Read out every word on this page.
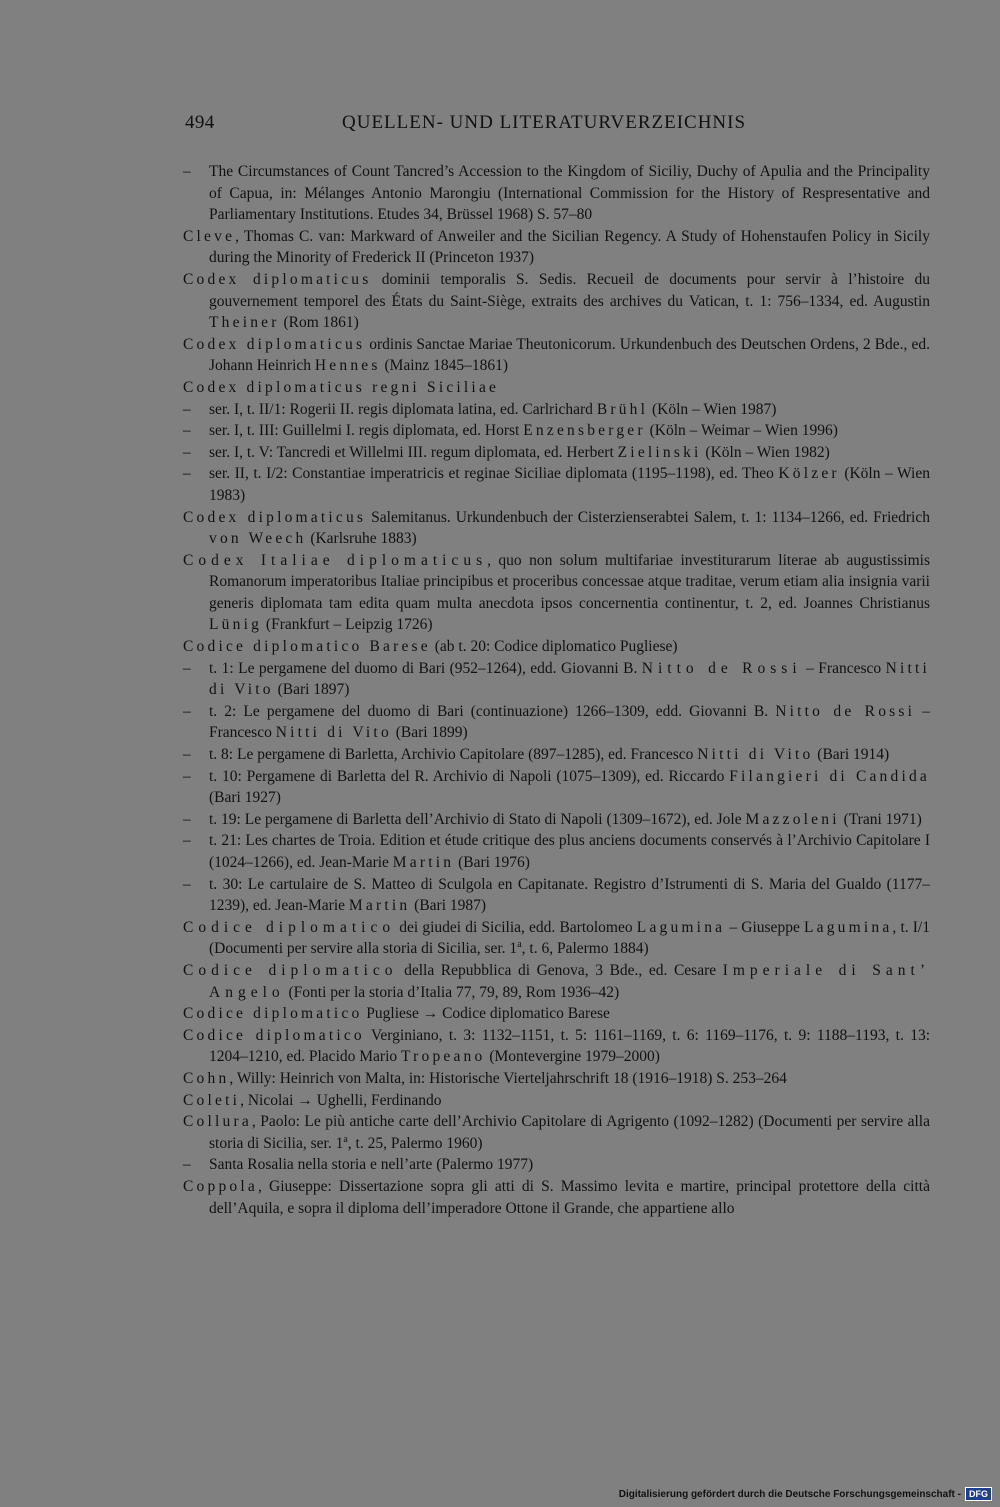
494	QUELLEN- UND LITERATURVERZEICHNIS
– The Circumstances of Count Tancred’s Accession to the Kingdom of Siciliy, Duchy of Apulia and the Principality of Capua, in: Mélanges Antonio Marongiu (International Commission for the History of Respresentative and Parliamentary Institutions. Etudes 34, Brüssel 1968) S. 57–80
Cleve, Thomas C. van: Markward of Anweiler and the Sicilian Regency. A Study of Hohenstaufen Policy in Sicily during the Minority of Frederick II (Princeton 1937)
Codex diplomaticus dominii temporalis S. Sedis. Recueil de documents pour servir à l’histoire du gouvernement temporel des États du Saint-Siège, extraits des archives du Vatican, t. 1: 756–1334, ed. Augustin Theiner (Rom 1861)
Codex diplomaticus ordinis Sanctae Mariae Theutonicorum. Urkundenbuch des Deutschen Ordens, 2 Bde., ed. Johann Heinrich Hennes (Mainz 1845–1861)
Codex diplomaticus regni Siciliae
– ser. I, t. II/1: Rogerii II. regis diplomata latina, ed. Carlrichard Brühl (Köln – Wien 1987)
– ser. I, t. III: Guillelmi I. regis diplomata, ed. Horst Enzensberger (Köln – Weimar – Wien 1996)
– ser. I, t. V: Tancredi et Willelmi III. regum diplomata, ed. Herbert Zielinski (Köln – Wien 1982)
– ser. II, t. I/2: Constantiae imperatricis et reginae Siciliae diplomata (1195–1198), ed. Theo Kölzer (Köln – Wien 1983)
Codex diplomaticus Salemitanus. Urkundenbuch der Cisterzienserabtei Salem, t. 1: 1134–1266, ed. Friedrich von Weech (Karlsruhe 1883)
Codex Italiae diplomaticus, quo non solum multifariae investiturarum literae ab augustissimis Romanorum imperatoribus Italiae principibus et proceribus concessae atque traditae, verum etiam alia insignia varii generis diplomata tam edita quam multa anecdota ipsos concernentia continentur, t. 2, ed. Joannes Christianus Lünig (Frankfurt – Leipzig 1726)
Codice diplomatico Barese (ab t. 20: Codice diplomatico Pugliese)
– t. 1: Le pergamene del duomo di Bari (952–1264), edd. Giovanni B. Nitto de Rossi – Francesco Nitti di Vito (Bari 1897)
– t. 2: Le pergamene del duomo di Bari (continuazione) 1266–1309, edd. Giovanni B. Nitto de Rossi – Francesco Nitti di Vito (Bari 1899)
– t. 8: Le pergamene di Barletta, Archivio Capitolare (897–1285), ed. Francesco Nitti di Vito (Bari 1914)
– t. 10: Pergamene di Barletta del R. Archivio di Napoli (1075–1309), ed. Riccardo Filangieri di Candida (Bari 1927)
– t. 19: Le pergamene di Barletta dell’Archivio di Stato di Napoli (1309–1672), ed. Jole Mazzoleni (Trani 1971)
– t. 21: Les chartes de Troia. Edition et étude critique des plus anciens documents conservés à l’Archivio Capitolare I (1024–1266), ed. Jean-Marie Martin (Bari 1976)
– t. 30: Le cartulaire de S. Matteo di Sculgola en Capitanate. Registro d’Istrumenti di S. Maria del Gualdo (1177–1239), ed. Jean-Marie Martin (Bari 1987)
Codice diplomatico dei giudei di Sicilia, edd. Bartolomeo Lagumina – Giuseppe Lagumina, t. I/1 (Documenti per servire alla storia di Sicilia, ser. 1$^a$, t. 6, Palermo 1884)
Codice diplomatico della Repubblica di Genova, 3 Bde., ed. Cesare Imperiale di Sant’ Angelo (Fonti per la storia d’Italia 77, 79, 89, Rom 1936–42)
Codice diplomatico Pugliese → Codice diplomatico Barese
Codice diplomatico Verginiano, t. 3: 1132–1151, t. 5: 1161–1169, t. 6: 1169–1176, t. 9: 1188–1193, t. 13: 1204–1210, ed. Placido Mario Tropeano (Montevergine 1979–2000)
Cohn, Willy: Heinrich von Malta, in: Historische Vierteljahrschrift 18 (1916–1918) S. 253–264
Coleti, Nicolai → Ughelli, Ferdinando
Collura, Paolo: Le più antiche carte dell’Archivio Capitolare di Agrigento (1092–1282) (Documenti per servire alla storia di Sicilia, ser. 1$^a$, t. 25, Palermo 1960)
– Santa Rosalia nella storia e nell’arte (Palermo 1977)
Coppola, Giuseppe: Dissertazione sopra gli atti di S. Massimo levita e martire, principal protettore della città dell’Aquila, e sopra il diploma dell’imperadore Ottone il Grande, che appartiene allo
Digitalisierung gefördert durch die Deutsche Forschungsgemeinschaft - DFG
